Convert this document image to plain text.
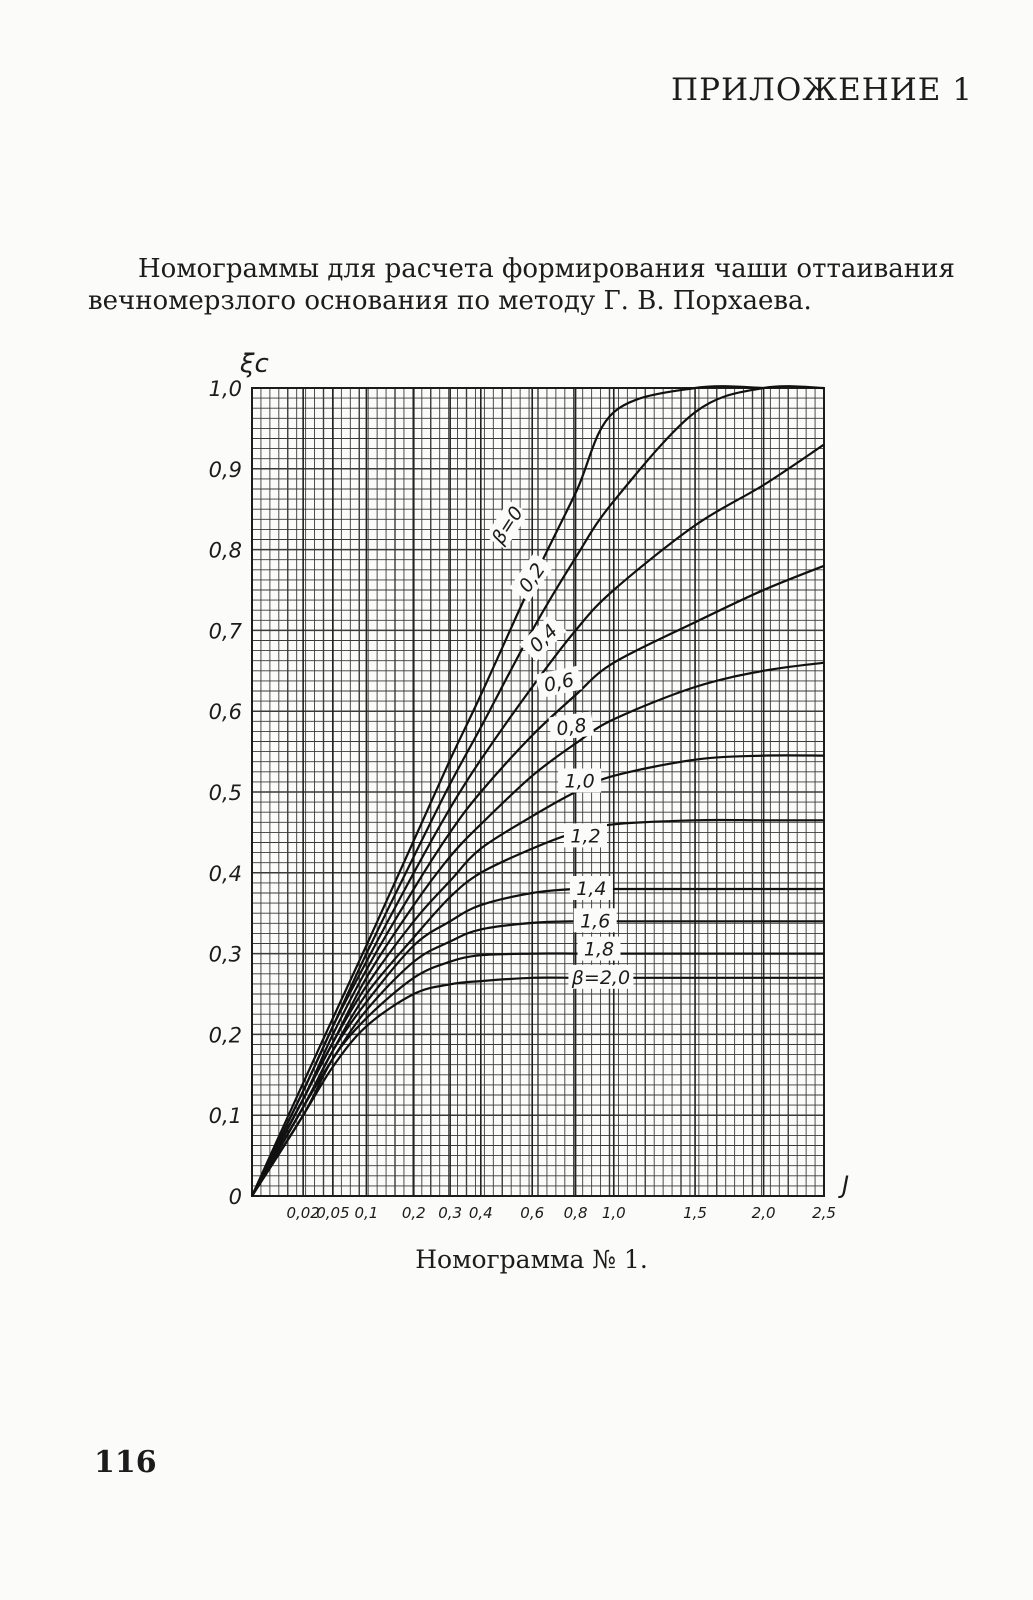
ПРИЛОЖЕНИЕ 1
Номограммы для расчета формирования чаши оттаивания
вечномерзлого основания по методу Г. В. Порхаева.
β=0
0,2
0,4
0,6
0,8
1,0
1,2
1,4
1,6
1,8
β=2,0
0
0,1
0,2
0,3
0,4
0,5
0,6
0,7
0,8
0,9
1,0
0,02
0,05 0,1 0,2 0,3 0,4 0,6 0,8 1,0	1,5	2,0 2,5
ξc
J
Номограмма № 1.
116
